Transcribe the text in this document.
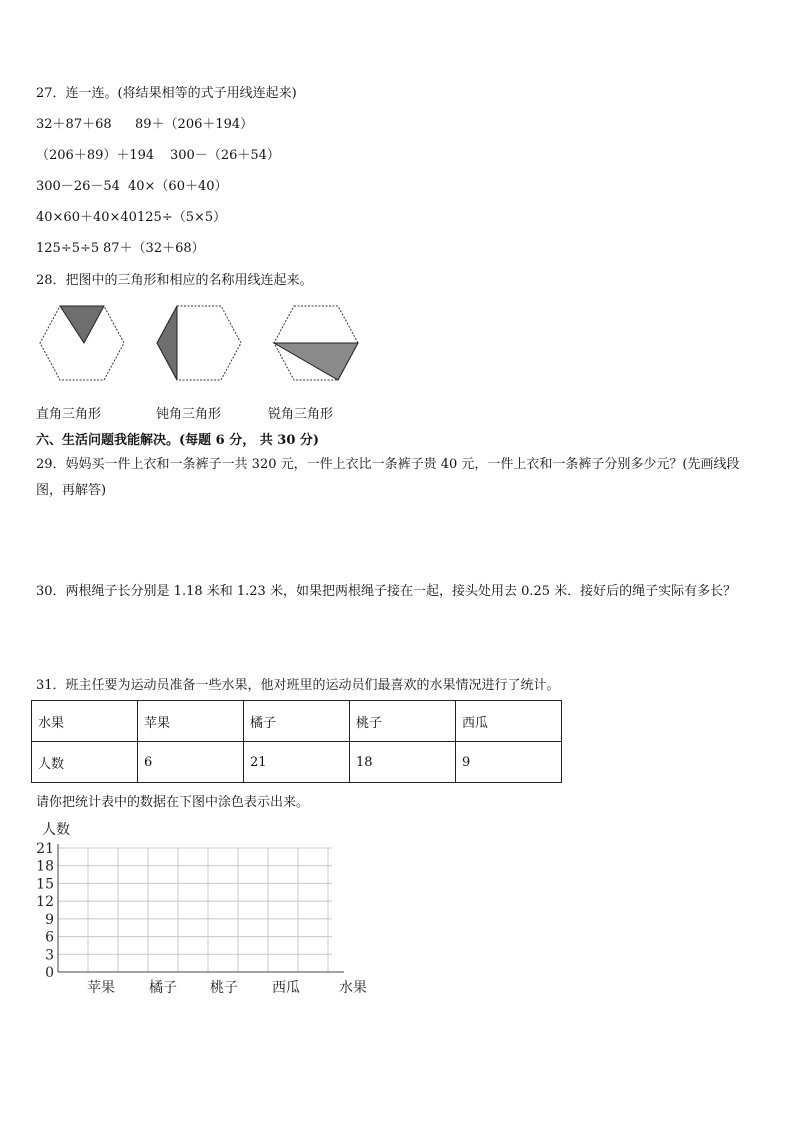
27．连一连。(将结果相等的式子用线连起来)
32＋87＋68 89＋（206＋194）
（206＋89）＋194 300－（26＋54）
300－26－54 40×（60＋40）
40×60＋40×40 125÷（5×5）
125÷5÷5 87＋（32＋68）
28．把图中的三角形和相应的名称用线连起来。
直角三角形	钝角三角形	锐角三角形
六、生活问题我能解决。(每题 6 分， 共 30 分)
29．妈妈买一件上衣和一条裤子一共 320 元，一件上衣比一条裤子贵 40 元，一件上衣和一条裤子分别多少元？(先画线段图，再解答)
30．两根绳子长分别是 1.18 米和 1.23 米，如果把两根绳子接在一起，接头处用去 0.25 米．接好后的绳子实际有多长？
31．班主任要为运动员准备一些水果，他对班里的运动员们最喜欢的水果情况进行了统计。
水果	苹果	橘子	桃子	西瓜
人数	6	21	18	9
请你把统计表中的数据在下图中涂色表示出来。
0
3
6
9
12
15
18
21
人数
苹果 橘子 桃子 西瓜	水果
